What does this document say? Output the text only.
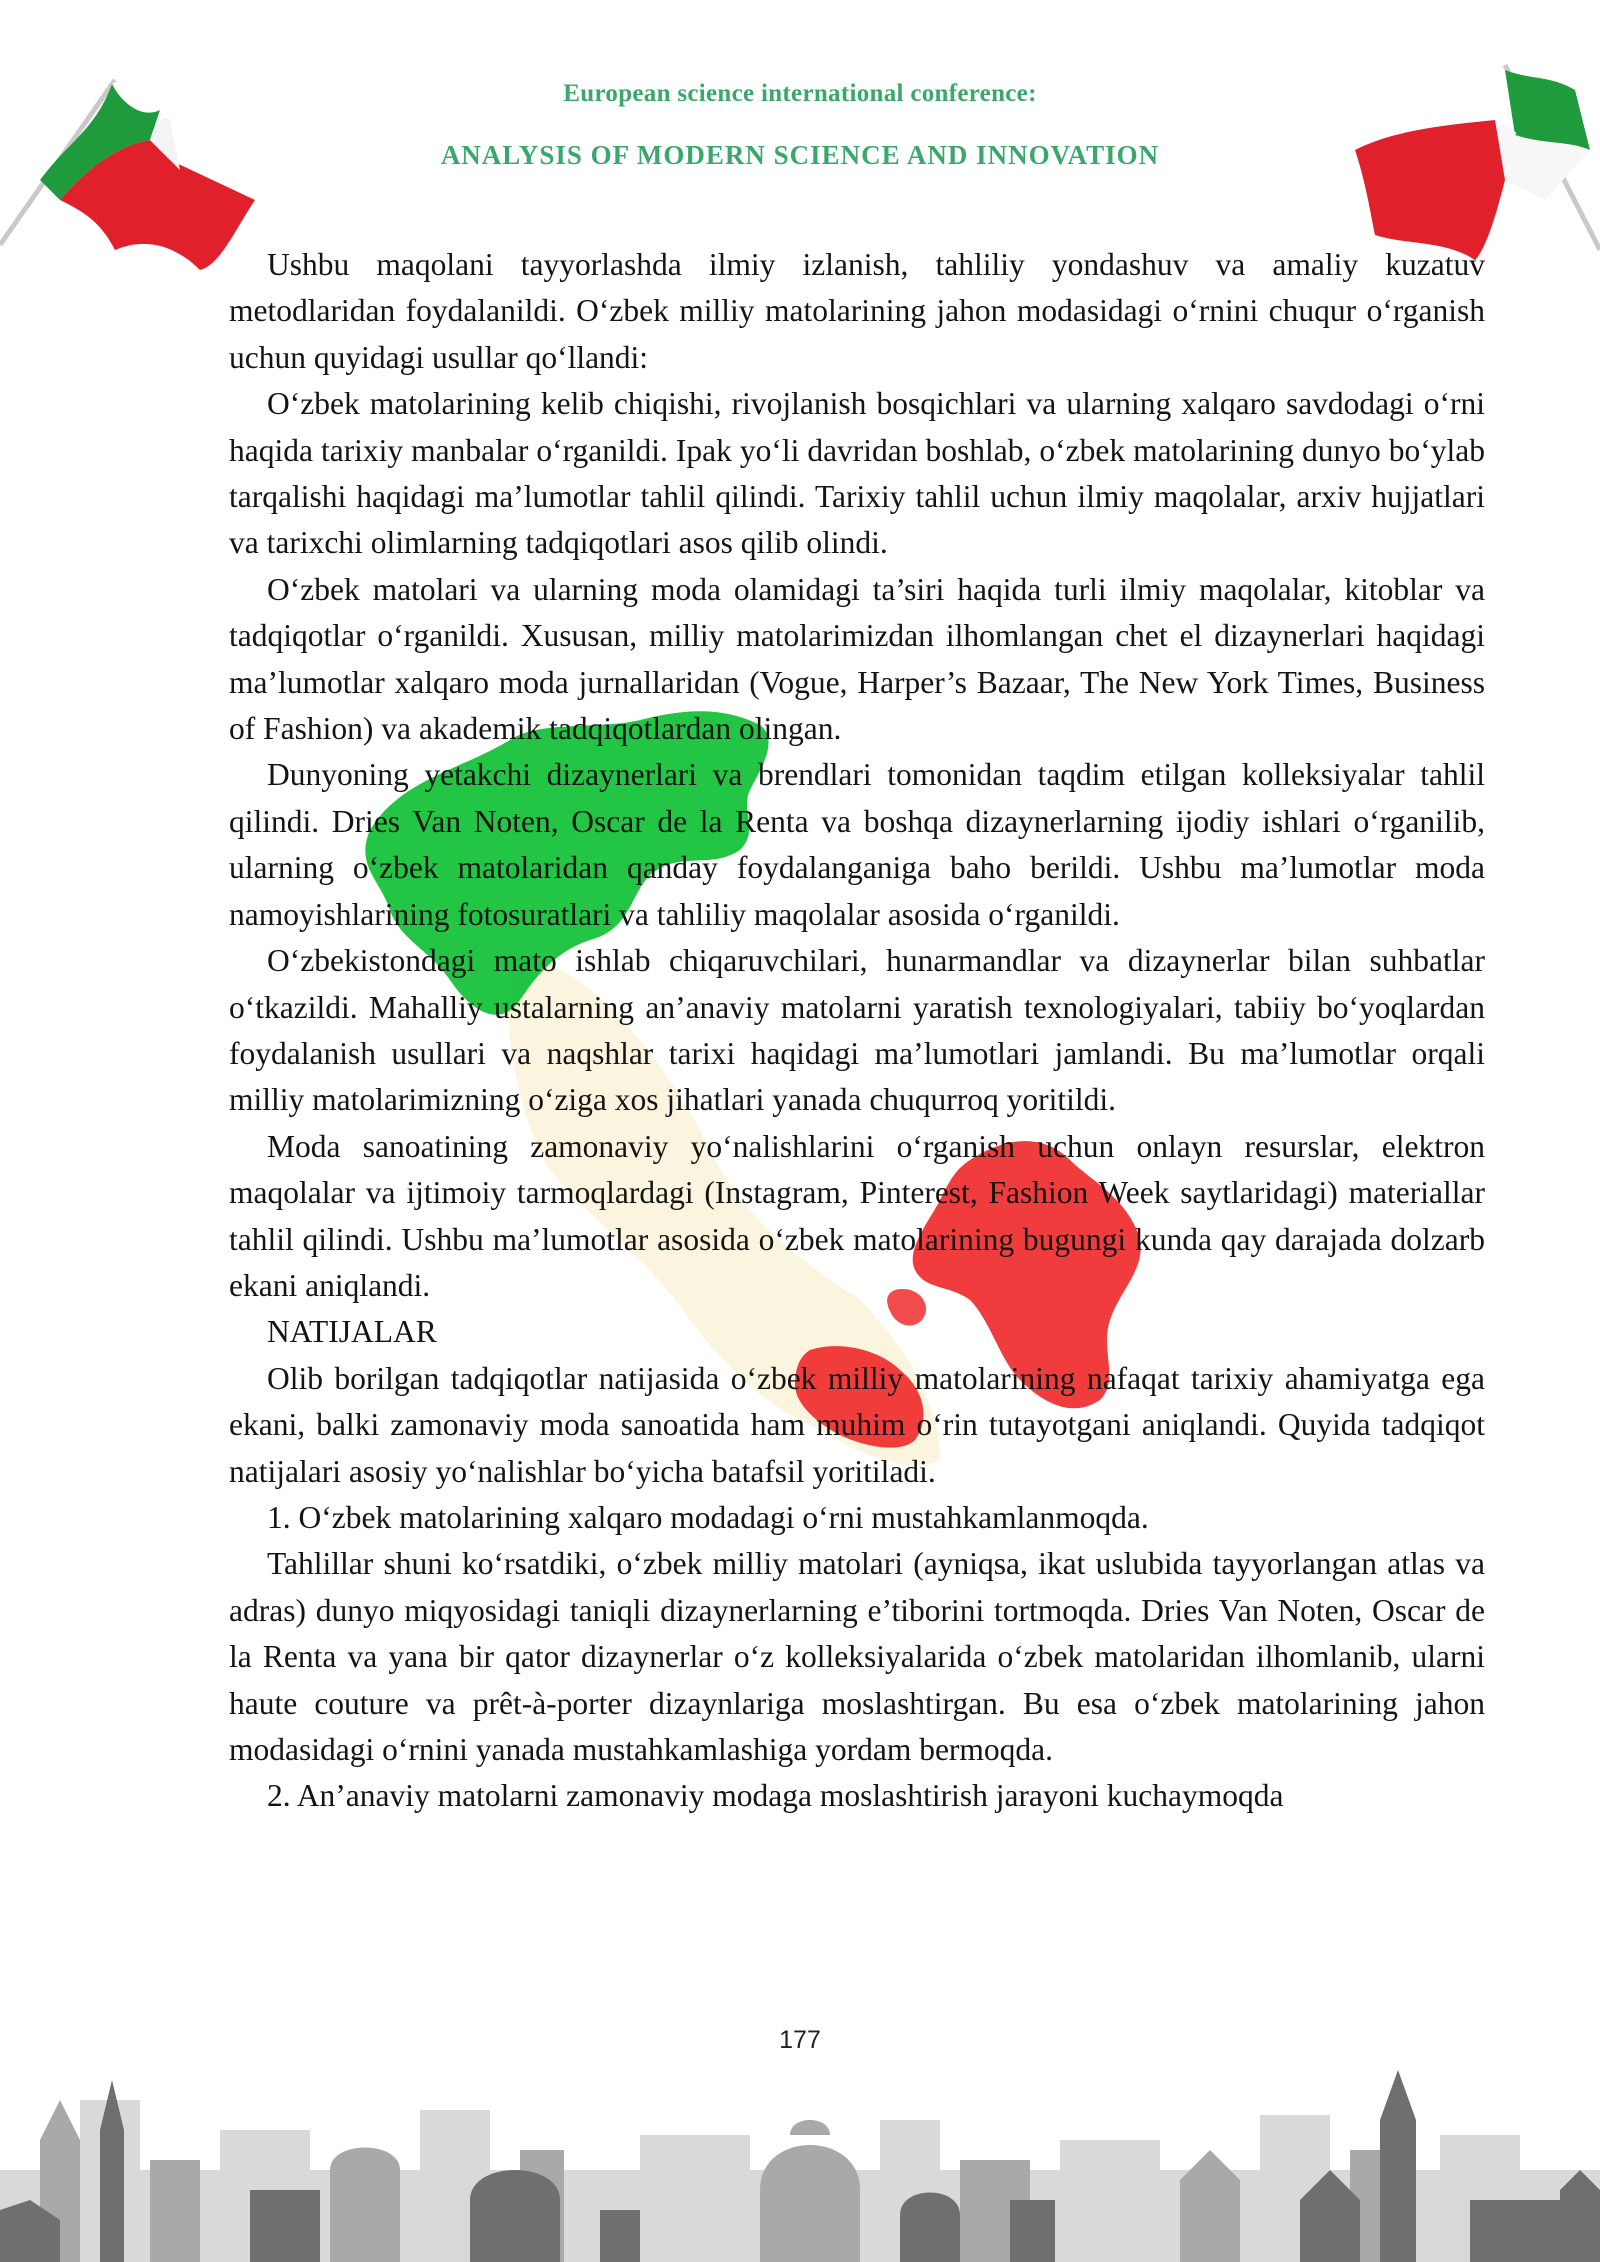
European science international conference:
ANALYSIS OF MODERN SCIENCE AND INNOVATION

Ushbu maqolani tayyorlashda ilmiy izlanish, tahliliy yondashuv va amaliy kuzatuv metodlaridan foydalanildi. O‘zbek milliy matolarining jahon modasidagi o‘rnini chuqur o‘rganish uchun quyidagi usullar qo‘llandi:

O‘zbek matolarining kelib chiqishi, rivojlanish bosqichlari va ularning xalqaro savdodagi o‘rni haqida tarixiy manbalar o‘rganildi. Ipak yo‘li davridan boshlab, o‘zbek matolarining dunyo bo‘ylab tarqalishi haqidagi ma’lumotlar tahlil qilindi. Tarixiy tahlil uchun ilmiy maqolalar, arxiv hujjatlari va tarixchi olimlarning tadqiqotlari asos qilib olindi.

O‘zbek matolari va ularning moda olamidagi ta’siri haqida turli ilmiy maqolalar, kitoblar va tadqiqotlar o‘rganildi. Xususan, milliy matolarimizdan ilhomlangan chet el dizaynerlari haqidagi ma’lumotlar xalqaro moda jurnallaridan (Vogue, Harper’s Bazaar, The New York Times, Business of Fashion) va akademik tadqiqotlardan olingan.

Dunyoning yetakchi dizaynerlari va brendlari tomonidan taqdim etilgan kolleksiyalar tahlil qilindi. Dries Van Noten, Oscar de la Renta va boshqa dizaynerlarning ijodiy ishlari o‘rganilib, ularning o‘zbek matolaridan qanday foydalanganiga baho berildi. Ushbu ma’lumotlar moda namoyishlarining fotosuratlari va tahliliy maqolalar asosida o‘rganildi.

O‘zbekistondagi mato ishlab chiqaruvchilari, hunarmandlar va dizaynerlar bilan suhbatlar o‘tkazildi. Mahalliy ustalarning an’anaviy matolarni yaratish texnologiyalari, tabiiy bo‘yoqlardan foydalanish usullari va naqshlar tarixi haqidagi ma’lumotlari jamlandi. Bu ma’lumotlar orqali milliy matolarimizning o‘ziga xos jihatlari yanada chuqurroq yoritildi.

Moda sanoatining zamonaviy yo‘nalishlarini o‘rganish uchun onlayn resurslar, elektron maqolalar va ijtimoiy tarmoqlardagi (Instagram, Pinterest, Fashion Week saytlaridagi) materiallar tahlil qilindi. Ushbu ma’lumotlar asosida o‘zbek matolarining bugungi kunda qay darajada dolzarb ekani aniqlandi.

NATIJALAR

Olib borilgan tadqiqotlar natijasida o‘zbek milliy matolarining nafaqat tarixiy ahamiyatga ega ekani, balki zamonaviy moda sanoatida ham muhim o‘rin tutayotgani aniqlandi. Quyida tadqiqot natijalari asosiy yo‘nalishlar bo‘yicha batafsil yoritiladi.

1. O‘zbek matolarining xalqaro modadagi o‘rni mustahkamlanmoqda.

Tahlillar shuni ko‘rsatdiki, o‘zbek milliy matolari (ayniqsa, ikat uslubida tayyorlangan atlas va adras) dunyo miqyosidagi taniqli dizaynerlarning e’tiborini tortmoqda. Dries Van Noten, Oscar de la Renta va yana bir qator dizaynerlar o‘z kolleksiyalarida o‘zbek matolaridan ilhomlanib, ularni haute couture va prêt-à-porter dizaynlariga moslashtirgan. Bu esa o‘zbek matolarining jahon modasidagi o‘rnini yanada mustahkamlashiga yordam bermoqda.

2. An’anaviy matolarni zamonaviy modaga moslashtirish jarayoni kuchaymoqda

177
